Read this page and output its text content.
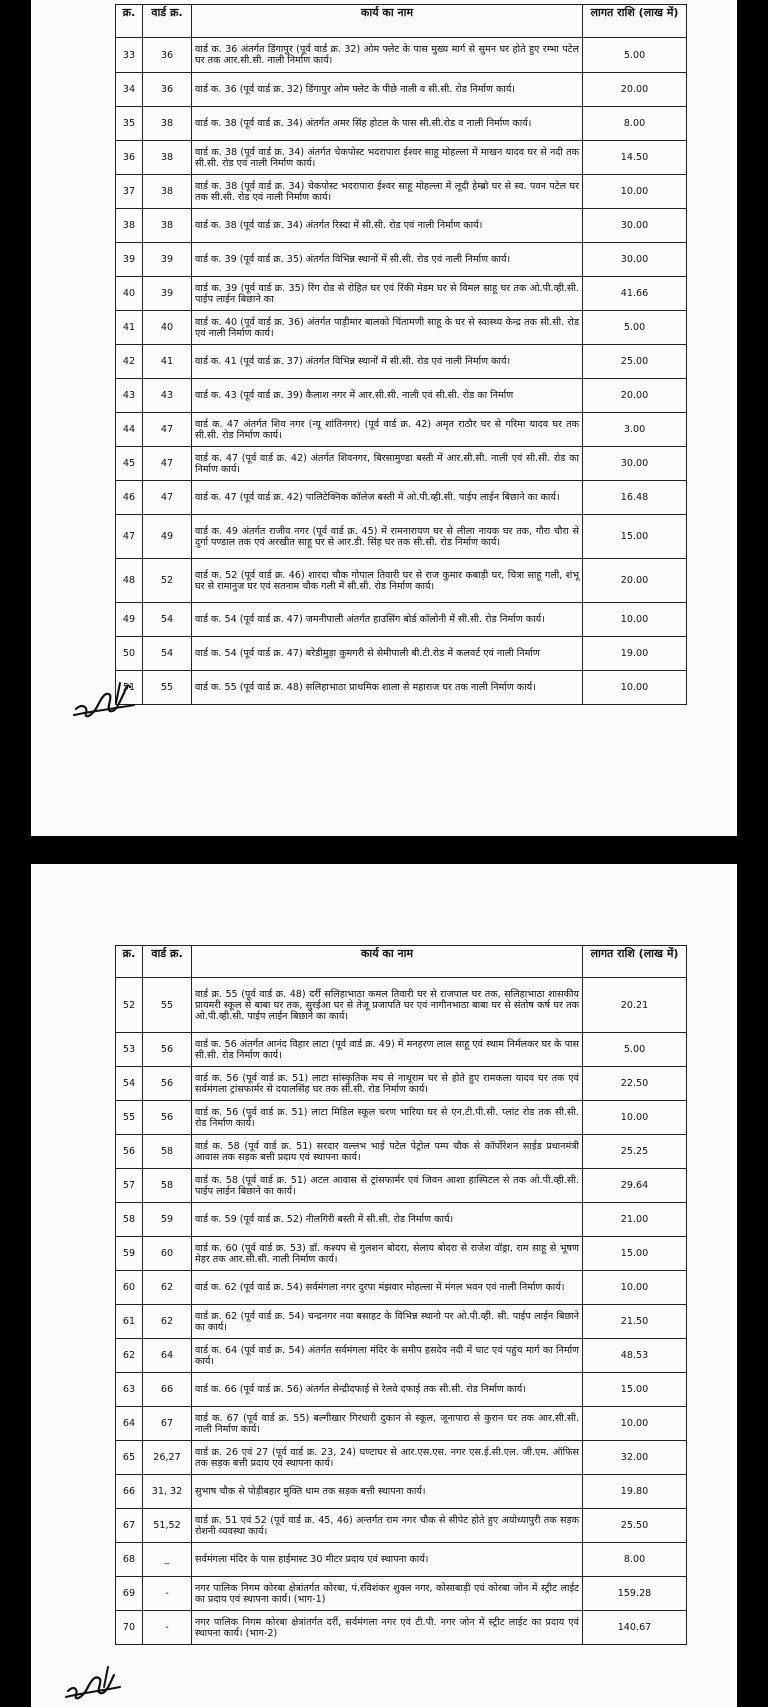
क्र.	वार्ड क्र.	कार्य का नाम	लागत राशि (लाख में)
33	36	वार्ड क. 36 अंतर्गत डिंगापुर (पूर्व वार्ड क्र. 32) ओम फ्लेट के पास मुख्य मार्ग से सुमन घर होते हुए रम्भा पटेल घर तक आर.सी.सी. नाली निर्माण कार्य।	5.00
34	36	वार्ड क. 36 (पूर्व वार्ड क्र. 32) डिंगापुर ओम फ्लेट के पीछे नाली व सी.सी. रोड निर्माण कार्य।	20.00
35	38	वार्ड क. 38 (पूर्व वार्ड क्र. 34) अंतर्गत अमर सिंह होटल के पास सी.सी.रोड व नाली निर्माण कार्य।	8.00
36	38	वार्ड क. 38 (पूर्व वार्ड क्र. 34) अंतर्गत चेकपोस्ट भदरापारा ईश्वर साहू मोहल्ला में माखन यादव घर से नदी तक सी.सी. रोड एवं नाली निर्माण कार्य।	14.50
37	38	वार्ड क. 38 (पूर्व वार्ड क्र. 34) चेकपोस्ट भदरापारा ईश्वर साहू मोहल्ला में लूदी हेम्ब्रो घर से स्व. पवन पटेल घर तक सी.सी. रोड एवं नाली निर्माण कार्य।	10.00
38	38	वार्ड क. 38 (पूर्व वार्ड क्र. 34) अंतर्गत रिस्दा में सी.सी. रोड एवं नाली निर्माण कार्य।	30.00
39	39	वार्ड क. 39 (पूर्व वार्ड क्र. 35) अंतर्गत विभिन्न स्थानों में सी.सी. रोड एवं नाली निर्माण कार्य।	30.00
40	39	वार्ड क. 39 (पूर्व वार्ड क्र. 35) रिंग रोड से रोहित घर एवं रिंकी मेडम घर से विमल साहू घर तक ओ.पी.व्ही.सी. पाईप लाईन बिछाने का	41.66
41	40	वार्ड क. 40 (पूर्व वार्ड क्र. 36) अंतर्गत पाड़ीमार बालको चिंतामणी साहू के घर से स्वास्थ्य केन्द्र तक सी.सी. रोड एवं नाली निर्माण कार्य।	5.00
42	41	वार्ड क. 41 (पूर्व वार्ड क्र. 37) अंतर्गत विभिन्न स्थानों में सी.सी. रोड एवं नाली निर्माण कार्य।	25.00
43	43	वार्ड क. 43 (पूर्व वार्ड क्र. 39) कैलाश नगर में आर.सी.सी. नाली एवं सी.सी. रोड का निर्माण	20.00
44	47	वार्ड क. 47 अंतर्गत शिव नगर (न्यू शांतिनगर) (पूर्व वार्ड क्र. 42) अमृत राठौर घर से गरिमा यादव घर तक सी.सी. रोड निर्माण कार्य।	3.00
45	47	वार्ड क. 47 (पूर्व वार्ड क्र. 42) अंतर्गत शिवनगर, बिरसामुण्डा बस्ती में आर.सी.सी. नाली एवं सी.सी. रोड का निर्माण कार्य।	30.00
46	47	वार्ड क. 47 (पूर्व वार्ड क्र. 42) पालिटेक्निक कॉलेज बस्ती में ओ.पी.व्ही.सी. पाईप लाईन बिछाने का कार्य।	16.48
47	49	वार्ड क. 49 अंतर्गत राजीव नगर (पूर्व वार्ड क्र. 45) में रामनारायण घर से लीला नायक घर तक, गौरा चौरा से दुर्गा पण्डाल तक एवं अरखीत साहू घर से आर.डी. सिंह घर तक सी.सी. रोड निर्माण कार्य।	15.00
48	52	वार्ड क. 52 (पूर्व वार्ड क्र. 46) शारदा चौक गोपाल तिवारी घर से राज कुमार कबाड़ी घर, चित्रा साहू गली, शंभू घर से रामानुज घर एवं सतनाम चौक गली में सी.सी. रोड निर्माण कार्य।	20.00
49	54	वार्ड क. 54 (पूर्व वार्ड क्र. 47) जमनीपाली अंतर्गत हाउसिंग बोर्ड कॉलोनी में सी.सी. रोड निर्माण कार्य।	10.00
50	54	वार्ड क. 54 (पूर्व वार्ड क्र. 47) बरेडीमुड़ा कुमगरी से सेमीपाली बी.टी.रोड में कलवर्ट एवं नाली निर्माण	19.00
51	55	वार्ड क. 55 (पूर्व वार्ड क्र. 48) सलिहाभाठा प्राथमिक शाला से महाराज घर तक नाली निर्माण कार्य।	10.00
क्र.	वार्ड क्र.	कार्य का नाम	लागत राशि (लाख में)
52	55	वार्ड क्र. 55 (पूर्व वार्ड क्र. 48) दर्री सलिहाभाठा कमल तिवारी घर से राजपाल घर तक, सलिहाभाठा शासकीय प्रायमरी स्कूल से बाबा घर तक, सुरईआ घर से तेजू प्रजापति घर एवं नागीनभाठा बाबा घर से संतोष कर्ष घर तक ओ.पी.व्ही.सी. पाईप लाईन बिछाने का कार्य।	20.21
53	56	वार्ड क. 56 अंतर्गत आनंद विहार लाटा (पूर्व वार्ड क्र. 49) में मनहरण लाल साहू एवं स्थाम निर्मलकर घर के पास सी.सी. रोड निर्माण कार्य।	5.00
54	56	वार्ड क. 56 (पूर्व वार्ड क्र. 51) लाटा सांस्कृतिक मच से नाथूराम घर से होते हुए रामकला यादव घर तक एवं सर्वमंगला ट्रांसफार्मर से दयालसिंह घर तक सी.सी. रोड निर्माण कार्य।	22.50
55	56	वार्ड क. 56 (पूर्व वार्ड क्र. 51) लाटा मिडिल स्कूल चरण भारिया घर से एन.टी.पी.सी. प्लांट रोड तक सी.सी. रोड निर्माण कार्य।	10.00
56	58	वार्ड क. 58 (पूर्व वार्ड क्र. 51) सरदार वल्लभ भाई पटेल पेट्रोल पम्प चौक से कॉर्पोरेशन साईड प्रधानमंत्री आवास तक सड़क बत्ती प्रदाय एवं स्थापना कार्य।	25.25
57	58	वार्ड क. 58 (पूर्व वार्ड क्र. 51) अटल आवास से ट्रांसफार्मर एवं जिवन आशा हास्पिटल से तक ओ.पी.व्ही.सी. पाईप लाईन बिछाने का कार्य।	29.64
58	59	वार्ड क. 59 (पूर्व वार्ड क्र. 52) नीलगिरी बस्ती में सी.सी. रोड निर्माण कार्य।	21.00
59	60	वार्ड क. 60 (पूर्व वार्ड क्र. 53) डॉ. कश्यप से गुलशन बोदरा, सेलाय बोदरा से राजेश वॉड्रा, राम साहू से भूषण मेहर तक आर.सी.सी. नाली निर्माण कार्य।	15.00
60	62	वार्ड क. 62 (पूर्व वार्ड क्र. 54) सर्वमंगला नगर दुरपा मंझवार मोहल्ला में मंगल भवन एवं नाली निर्माण कार्य।	10.00
61	62	वार्ड क्र. 62 (पूर्व वार्ड क्र. 54) चन्द्रनगर नया बसाहट के विभिन्न स्थानो पर ओ.पी.व्ही. सी. पाईप लाईन बिछाने का कार्य।	21.50
62	64	वार्ड क. 64 (पूर्व वार्ड क्र. 54) अंतर्गत सर्वमंगला मंदिर के समीप हसदेव नदी में घाट एवं पहुंच मार्ग का निर्माण कार्य।	48.53
63	66	वार्ड क. 66 (पूर्व वार्ड क्र. 56) अंतर्गत सेन्द्रीदफाई से रेलवे दफाई तक सी.सी. रोड निर्माण कार्य।	15.00
64	67	वार्ड क. 67 (पूर्व वार्ड क्र. 55) बल्गीखार गिरधारी दुकान से स्कूल, जूनापारा से कुरान घर तक आर.सी.सी. नाली निर्माण कार्य।	10.00
65	26,27	वार्ड क्र. 26 एवं 27 (पूर्व वार्ड क्र. 23, 24) घण्टाघर से आर.एस.एस. नगर एस.ई.सी.एल. जी.एम. ऑफिस तक सड़क बत्ती प्रदाय एवं स्थापना कार्य।	32.00
66	31, 32	सुभाष चौक से पोड़ीबहार मुक्ति धाम तक सड़क बत्ती स्थापना कार्य।	19.80
67	51,52	वार्ड क्र. 51 एवं 52 (पूर्व वार्ड क्र. 45, 46) अन्तर्गत राम नगर चौक से सीपेट होते हुए अयोध्यापुरी तक सड़क रोशनी व्यवस्था कार्य।	25.50
68	_	सर्वमंगला मंदिर के पास हाईमास्ट 30 मीटर प्रदाय एवं स्थापना कार्य।	8.00
69	-	नगर पालिक निगम कोरबा क्षेत्रांतर्गत कोरबा, पं.रविशंकर शुक्ल नगर, कोसाबाड़ी एवं कोरबा जोन में स्ट्रीट लाईट का प्रदाय एवं स्थापना कार्य। (भाग-1)	159.28
70	-	नगर पालिक निगम कोरबा क्षेत्रांतर्गत दर्री, सर्वमंगला नगर एवं टी.पी. नगर जोन में स्ट्रीट लाईट का प्रदाय एवं स्थापना कार्य। (भाग-2)	140.67
